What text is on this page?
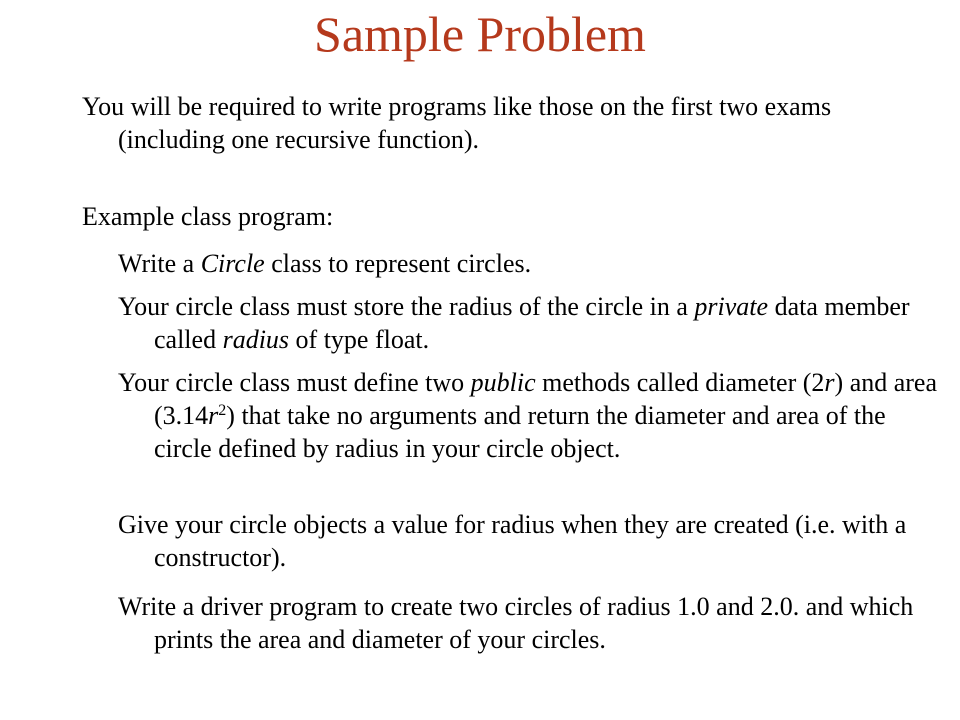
Sample Problem

You will be required to write programs like those on the first two exams (including one recursive function).

Example class program:

Write a Circle class to represent circles.

Your circle class must store the radius of the circle in a private data member called radius of type float.

Your circle class must define two public methods called diameter (2r) and area $(3.14r^2)$ that take no arguments and return the diameter and area of the circle defined by radius in your circle object.

Give your circle objects a value for radius when they are created (i.e. with a constructor).

Write a driver program to create two circles of radius 1.0 and 2.0. and which prints the area and diameter of your circles.
